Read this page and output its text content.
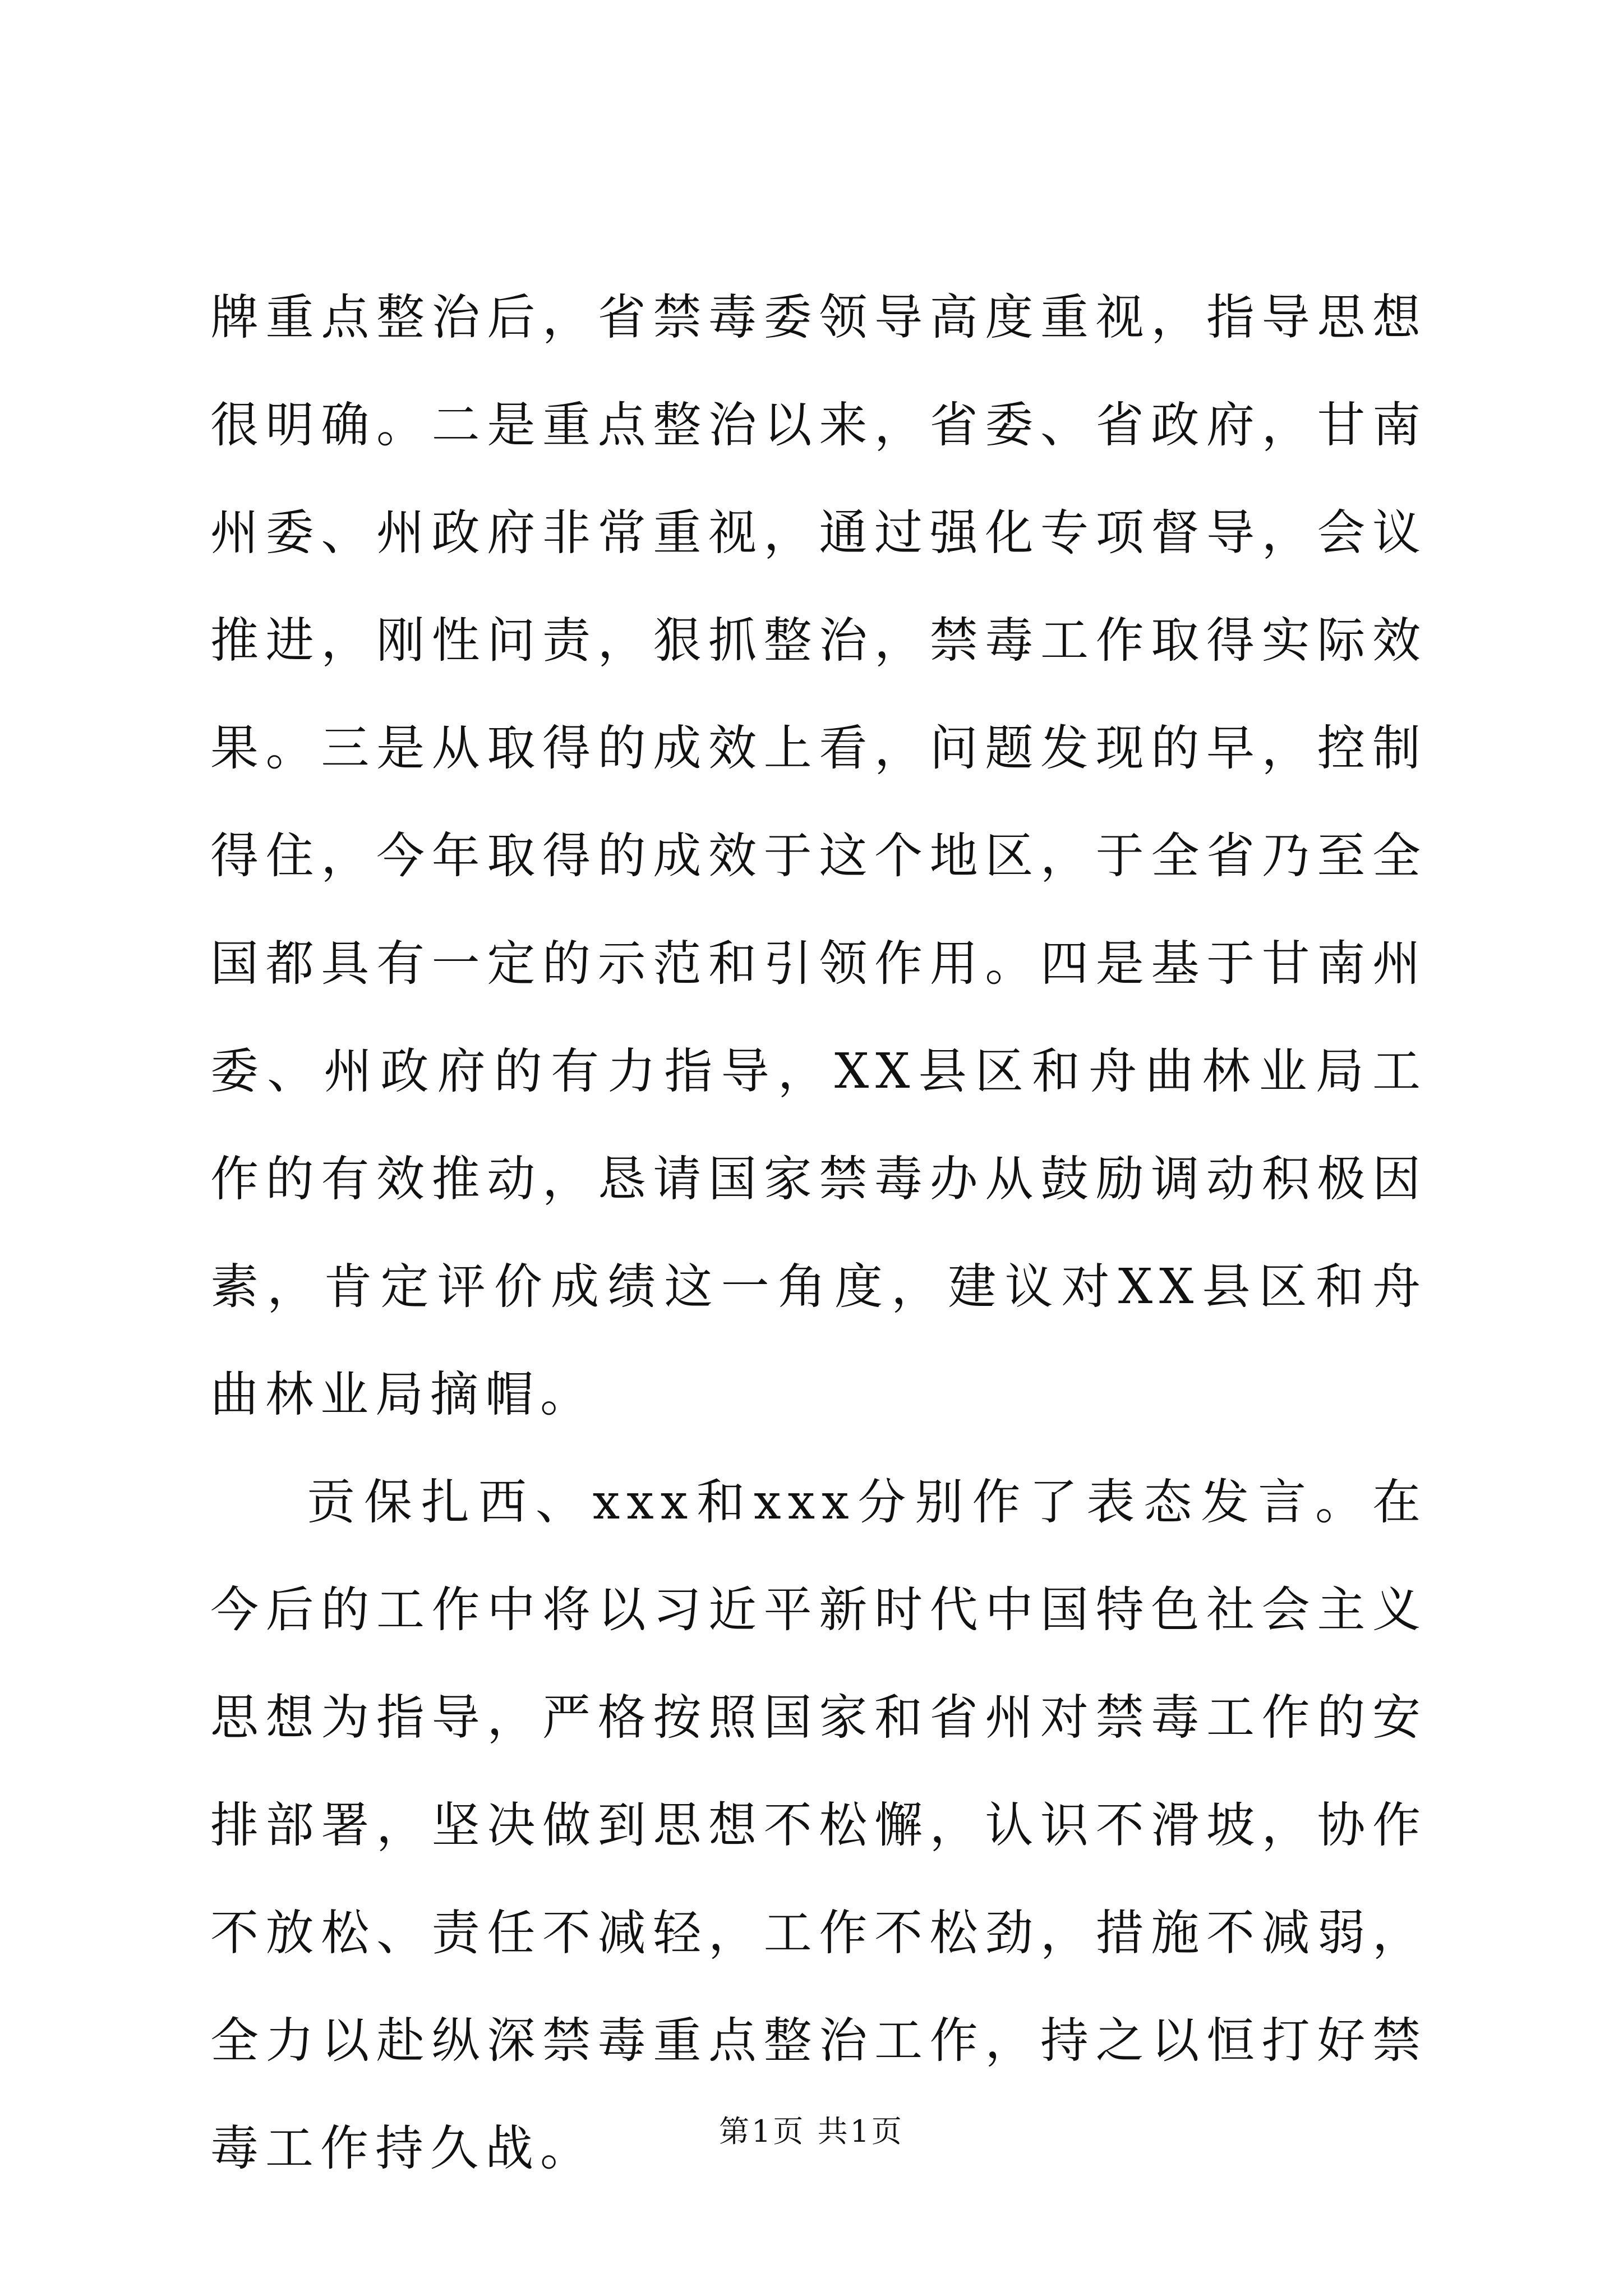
牌重点整治后，省禁毒委领导高度重视，指导思想很明确。二是重点整治以来，省委、省政府，甘南州委、州政府非常重视，通过强化专项督导，会议推进，刚性问责，狠抓整治，禁毒工作取得实际效果。三是从取得的成效上看，问题发现的早，控制得住，今年取得的成效于这个地区，于全省乃至全国都具有一定的示范和引领作用。四是基于甘南州委、州政府的有力指导，XX县区和舟曲林业局工作的有效推动，恳请国家禁毒办从鼓励调动积极因素，肯定评价成绩这一角度，建议对XX县区和舟曲林业局摘帽。

贡保扎西、xxx和xxx分别作了表态发言。在今后的工作中将以习近平新时代中国特色社会主义思想为指导，严格按照国家和省州对禁毒工作的安排部署，坚决做到思想不松懈，认识不滑坡，协作不放松、责任不减轻，工作不松劲，措施不减弱，全力以赴纵深禁毒重点整治工作，持之以恒打好禁毒工作持久战。	第1页 共1页
